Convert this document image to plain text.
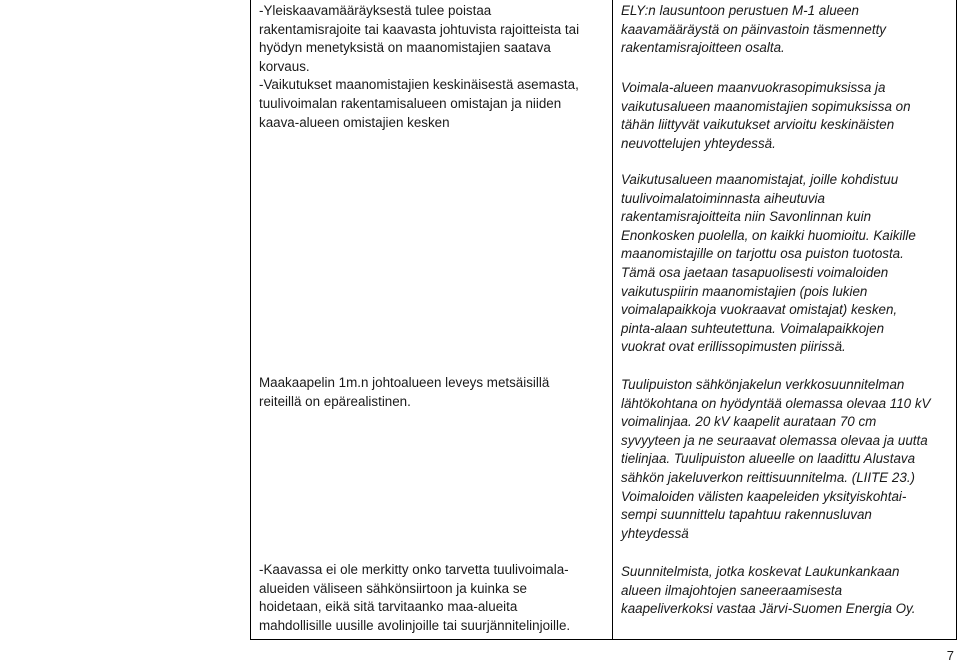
-Yleiskaavamääräyksestä tulee poistaa
rakentamisrajoite tai kaavasta johtuvista rajoitteista tai
hyödyn menetyksistä on maanomistajien saatava
korvaus.
-Vaikutukset maanomistajien keskinäisestä asemasta,
tuulivoimalan rakentamisalueen omistajan ja niiden
kaava-alueen omistajien kesken

Maakaapelin 1m.n johtoalueen leveys metsäisillä
reiteillä on epärealistinen.

-Kaavassa ei ole merkitty onko tarvetta tuulivoimala-
alueiden väliseen sähkönsiirtoon ja kuinka se
hoidetaan, eikä sitä tarvitaanko maa-alueita
mahdollisille uusille avolinjoille tai suurjännitelinjoille.

ELY:n lausuntoon perustuen M-1 alueen
kaavamääräystä on päinvastoin täsmennetty
rakentamisrajoitteen osalta.

Voimala-alueen maanvuokrasopimuksissa ja
vaikutusalueen maanomistajien sopimuksissa on
tähän liittyvät vaikutukset arvioitu keskinäisten
neuvottelujen yhteydessä.

Vaikutusalueen maanomistajat, joille kohdistuu
tuulivoimalatoiminnasta aiheutuvia
rakentamisrajoitteita niin Savonlinnan kuin
Enonkosken puolella, on kaikki huomioitu. Kaikille
maanomistajille on tarjottu osa puiston tuotosta.
Tämä osa jaetaan tasapuolisesti voimaloiden
vaikutuspiirin maanomistajien (pois lukien
voimalapaikkoja vuokraavat omistajat) kesken,
pinta-alaan suhteutettuna. Voimalapaikkojen
vuokrat ovat erillissopimusten piirissä.

Tuulipuiston sähkönjakelun verkkosuunnitelman
lähtökohtana on hyödyntää olemassa olevaa 110 kV
voimalinjaa. 20 kV kaapelit aurataan 70 cm
syvyyteen ja ne seuraavat olemassa olevaa ja uutta
tielinjaa. Tuulipuiston alueelle on laadittu Alustava
sähkön jakeluverkon reittisuunnitelma. (LIITE 23.)
Voimaloiden välisten kaapeleiden yksityiskohtai-
sempi suunnittelu tapahtuu rakennusluvan
yhteydessä

Suunnitelmista, jotka koskevat Laukunkankaan
alueen ilmajohtojen saneeraamisesta
kaapeliverkoksi vastaa Järvi-Suomen Energia Oy.

7
